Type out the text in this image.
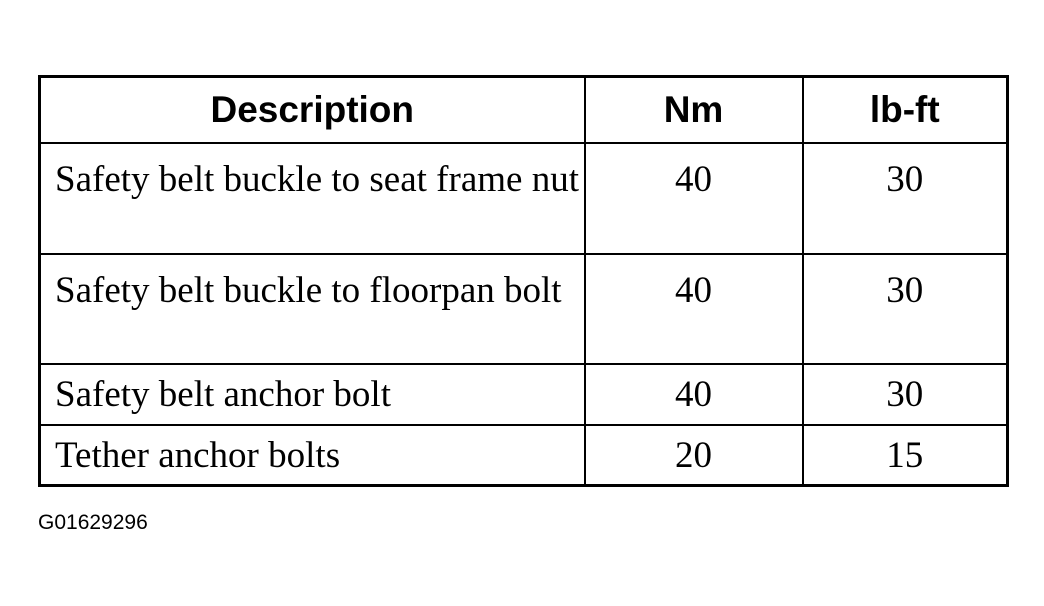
Description	Nm	lb-ft
Safety belt buckle to seat frame nut	40	30
Safety belt buckle to floorpan bolt	40	30
Safety belt anchor bolt	40	30
Tether anchor bolts	20	15
G01629296
